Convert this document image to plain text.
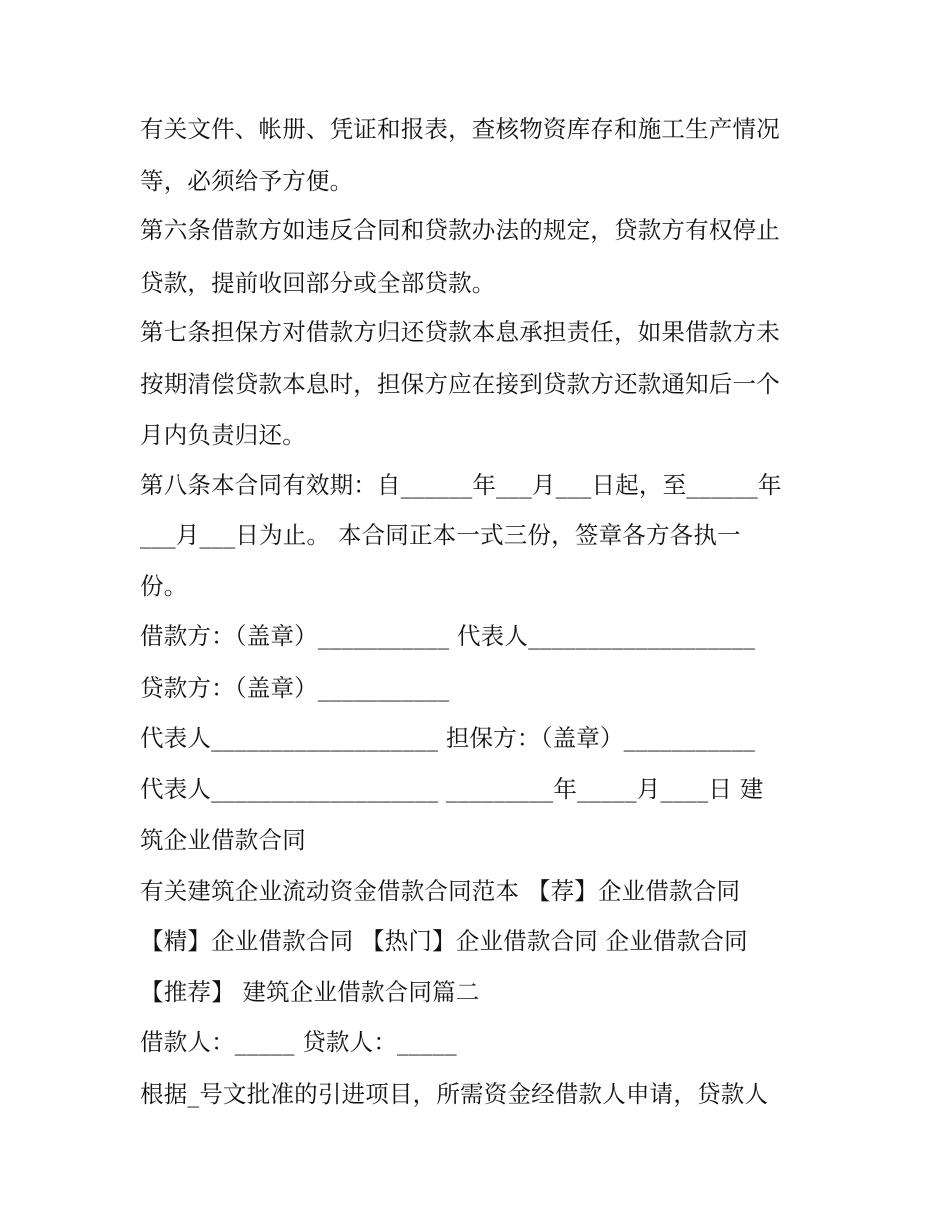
有关文件、帐册、凭证和报表，查核物资库存和施工生产情况
等，必须给予方便。
第六条借款方如违反合同和贷款办法的规定，贷款方有权停止
贷款，提前收回部分或全部贷款。
第七条担保方对借款方归还贷款本息承担责任，如果借款方未
按期清偿贷款本息时，担保方应在接到贷款方还款通知后一个
月内负责归还。
第八条本合同有效期：自______年___月___日起，至______年
___月___日为止。 本合同正本一式三份，签章各方各执一
份。
借款方：（盖章）___________ 代表人___________________
贷款方：（盖章）___________
代表人___________________ 担保方：（盖章）___________
代表人___________________ _________年_____月____日 建
筑企业借款合同
有关建筑企业流动资金借款合同范本 【荐】企业借款合同
【精】企业借款合同 【热门】企业借款合同 企业借款合同
【推荐】 建筑企业借款合同篇二
借款人：_____ 贷款人：_____
根据_号文批准的引进项目，所需资金经借款人申请，贷款人
